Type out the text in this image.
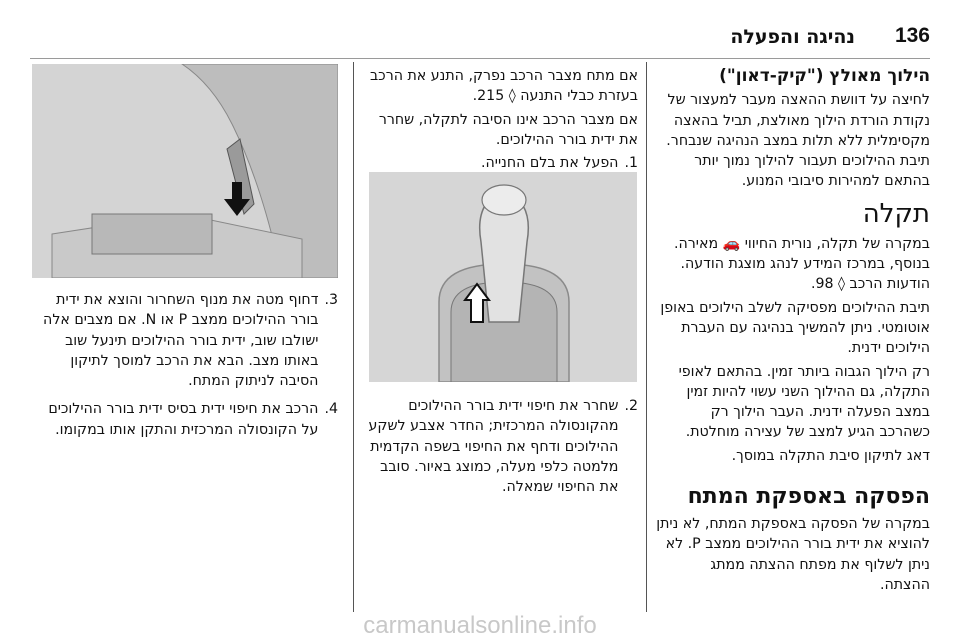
136
נהיגה והפעלה
הילוך מאולץ ("קיק-דאון")

לחיצה על דוושת ההאצה מעבר למעצור של נקודת הורדת הילוך מאולצת, תביל בהאצה מקסימלית ללא תלות במצב הנהיגה שנבחר. תיבת ההילוכים תעבור להילוך נמוך יותר בהתאם למהירות סיבובי המנוע.

תקלה

במקרה של תקלה, נורית החיווי 🚗 מאירה. בנוסף, במרכז המידע לנהג מוצגת הודעה. הודעות הרכב ◊ 98.

תיבת ההילוכים מפסיקה לשלב הילוכים באופן אוטומטי. ניתן להמשיך בנהיגה עם העברת הילוכים ידנית.

רק הילוך הגבוה ביותר זמין. בהתאם לאופי התקלה, גם ההילוך השני עשוי להיות זמין במצב הפעלה ידנית. העבר הילוך רק כשהרכב הגיע למצב של עצירה מוחלטת.

דאג לתיקון סיבת התקלה במוסך.

הפסקה באספקת המתח

במקרה של הפסקה באספקת המתח, לא ניתן להוציא את ידית בורר ההילוכים ממצב P. לא ניתן לשלוף את מפתח ההצתה ממתג ההצתה.

אם מתח מצבר הרכב נפרק, התנע את הרכב בעזרת כבלי התנעה ◊ 215.

אם מצבר הרכב אינו הסיבה לתקלה, שחרר את ידית בורר ההילוכים.

1.
הפעל את בלם החנייה.
2.
שחרר את חיפוי ידית בורר ההילוכים מהקונסולה המרכזית; החדר אצבע לשקע ההילוכים ודחף את החיפוי בשפה הקדמית מלמטה כלפי מעלה, כמוצג באיור. סובב את החיפוי שמאלה.
3.
דחוף מטה את מנוף השחרור והוצא את ידית בורר ההילוכים ממצב P או N. אם מצבים אלה ישולבו שוב, ידית בורר ההילוכים תינעל שוב באותו מצב. הבא את הרכב למוסך לתיקון הסיבה לניתוק המתח.
4.
הרכב את חיפוי ידית בסיס ידית בורר ההילוכים על הקונסולה המרכזית והתקן אותו במקומו.
carmanualsonline.info
